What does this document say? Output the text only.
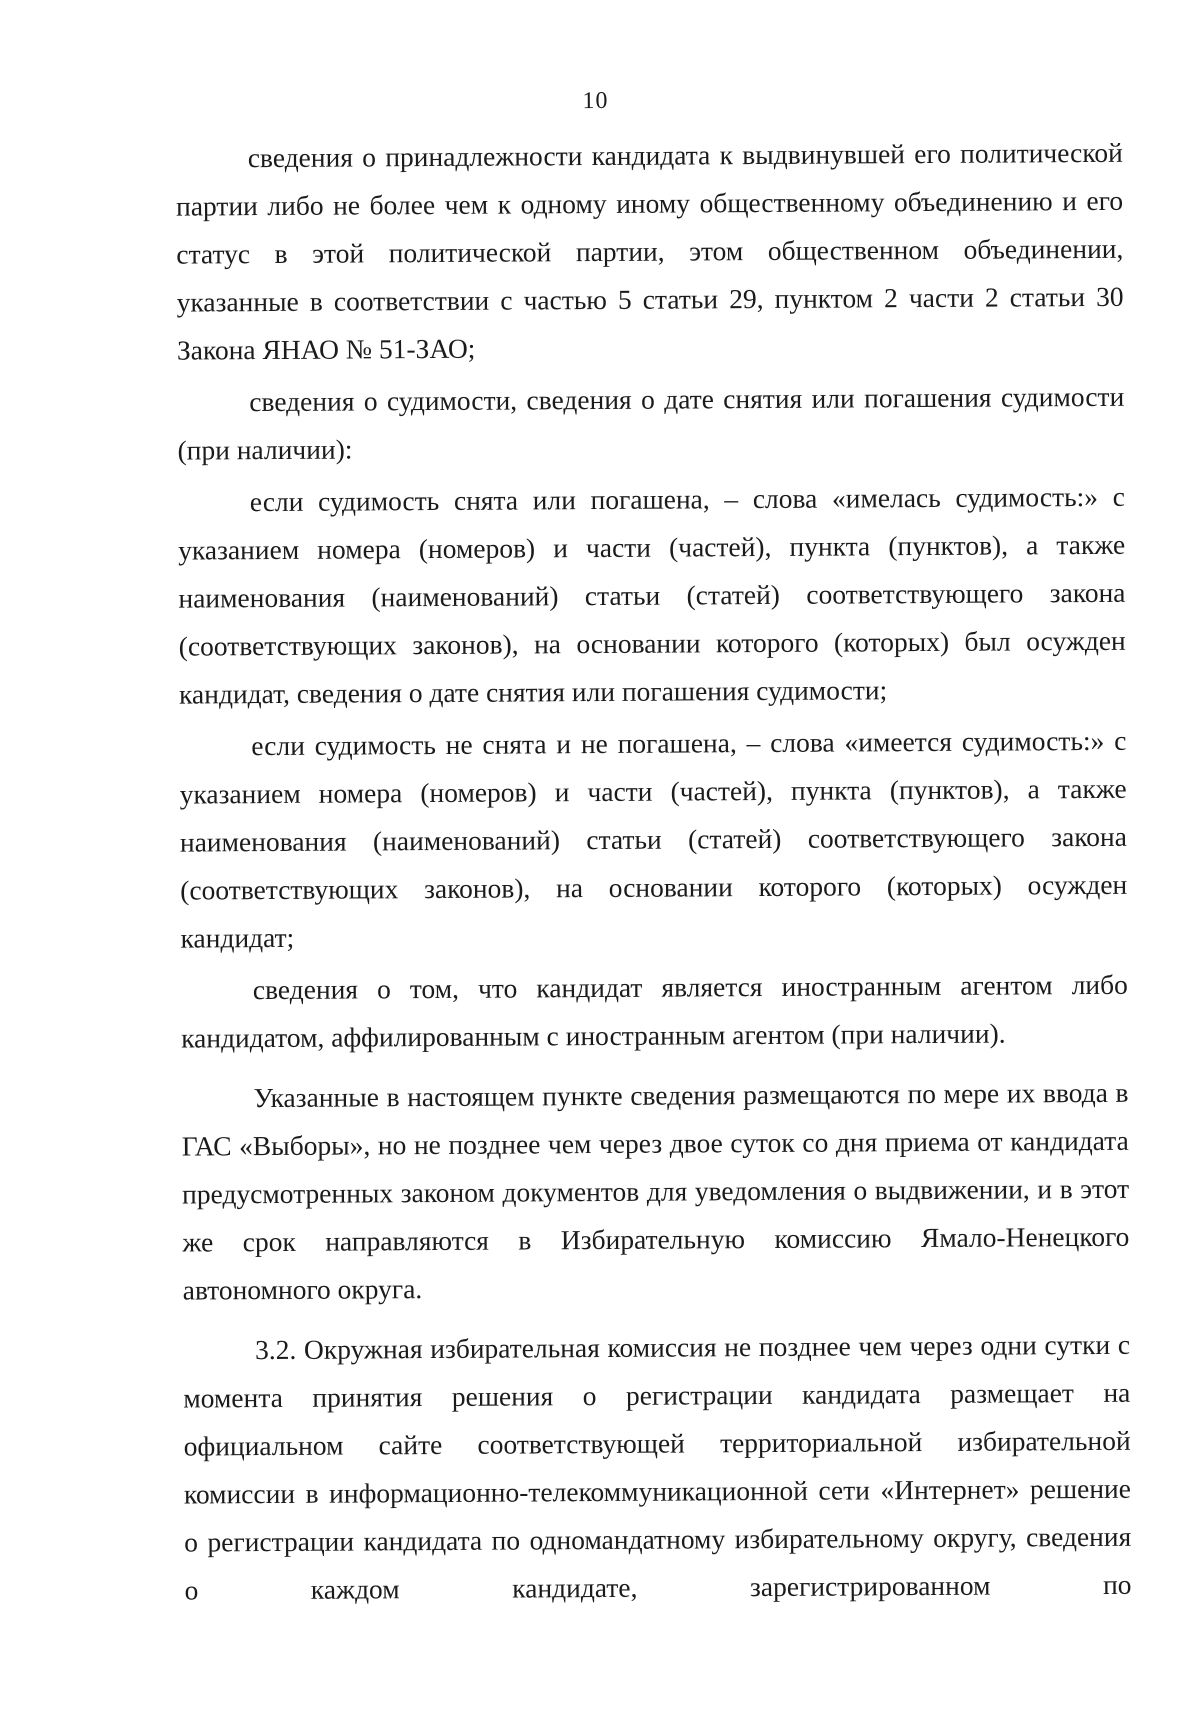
10

сведения о принадлежности кандидата к выдвинувшей его политической партии либо не более чем к одному иному общественному объединению и его статус в этой политической партии, этом общественном объединении, указанные в соответствии с частью 5 статьи 29, пунктом 2 части 2 статьи 30 Закона ЯНАО № 51-ЗАО;

сведения о судимости, сведения о дате снятия или погашения судимости (при наличии):

если судимость снята или погашена, – слова «имелась судимость:» с указанием номера (номеров) и части (частей), пункта (пунктов), а также наименования (наименований) статьи (статей) соответствующего закона (соответствующих законов), на основании которого (которых) был осужден кандидат, сведения о дате снятия или погашения судимости;

если судимость не снята и не погашена, – слова «имеется судимость:» с указанием номера (номеров) и части (частей), пункта (пунктов), а также наименования (наименований) статьи (статей) соответствующего закона (соответствующих законов), на основании которого (которых) осужден кандидат;

сведения о том, что кандидат является иностранным агентом либо кандидатом, аффилированным с иностранным агентом (при наличии).

Указанные в настоящем пункте сведения размещаются по мере их ввода в ГАС «Выборы», но не позднее чем через двое суток со дня приема от кандидата предусмотренных законом документов для уведомления о выдвижении, и в этот же срок направляются в Избирательную комиссию Ямало-Ненецкого автономного округа.

3.2. Окружная избирательная комиссия не позднее чем через одни сутки с момента принятия решения о регистрации кандидата размещает на официальном сайте соответствующей территориальной избирательной комиссии в информационно-телекоммуникационной сети «Интернет» решение о регистрации кандидата по одномандатному избирательному округу, сведения о каждом кандидате, зарегистрированном по
